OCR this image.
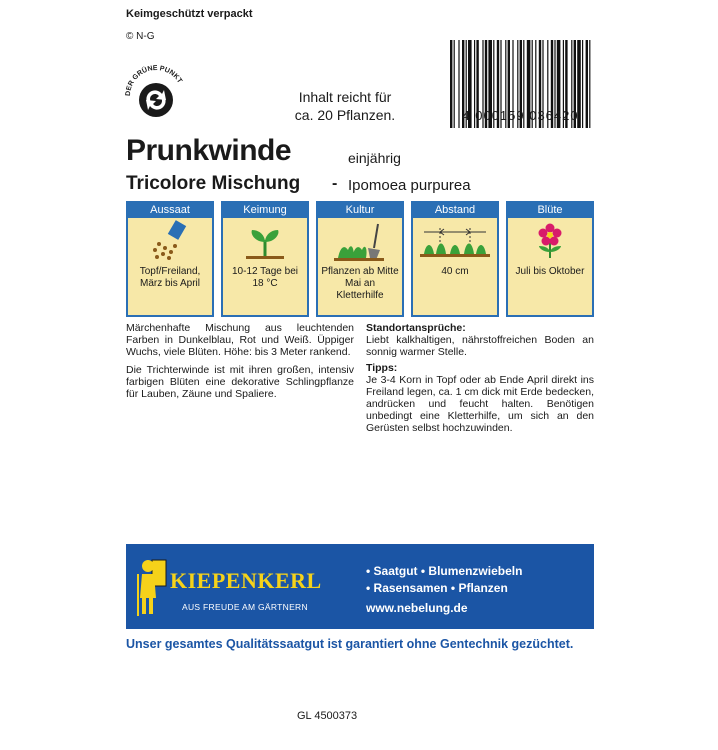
Keimgeschützt verpackt
© N-G
DER GRÜNE PUNKT
Inhalt reicht für
ca. 20 Pflanzen.	4 000159 036420
Prunkwinde	einjährig
Tricolore Mischung - Ipomoea purpurea
Aussaat
Topf/Freiland, März bis April
Keimung
10-12 Tage bei 18 °C
Kultur
Pflanzen ab Mitte Mai an Kletterhilfe
Abstand
40 cm
Blüte
Juli bis Oktober

Märchenhafte Mischung aus leuchtenden Farben in Dunkelblau, Rot und Weiß. Üppiger Wuchs, viele Blüten. Höhe: bis 3 Meter rankend.

Die Trichterwinde ist mit ihren großen, intensiv farbigen Blüten eine dekorative Schlingpflanze für Lauben, Zäune und Spaliere.

Standortansprüche:

Liebt kalkhaltigen, nährstoffreichen Boden an sonnig warmer Stelle.

Tipps:

Je 3-4 Korn in Topf oder ab Ende April direkt ins Freiland legen, ca. 1 cm dick mit Erde bedecken, andrücken und feucht halten. Benötigen unbedingt eine Kletterhilfe, um sich an den Gerüsten selbst hochzuwinden.

KIEPENKERL
AUS FREUDE AM GÄRTNERN
• Saatgut • Blumenzwiebeln
• Rasensamen • Pflanzen
www.nebelung.de
Unser gesamtes Qualitätssaatgut ist garantiert ohne Gentechnik gezüchtet.
GL 4500373
